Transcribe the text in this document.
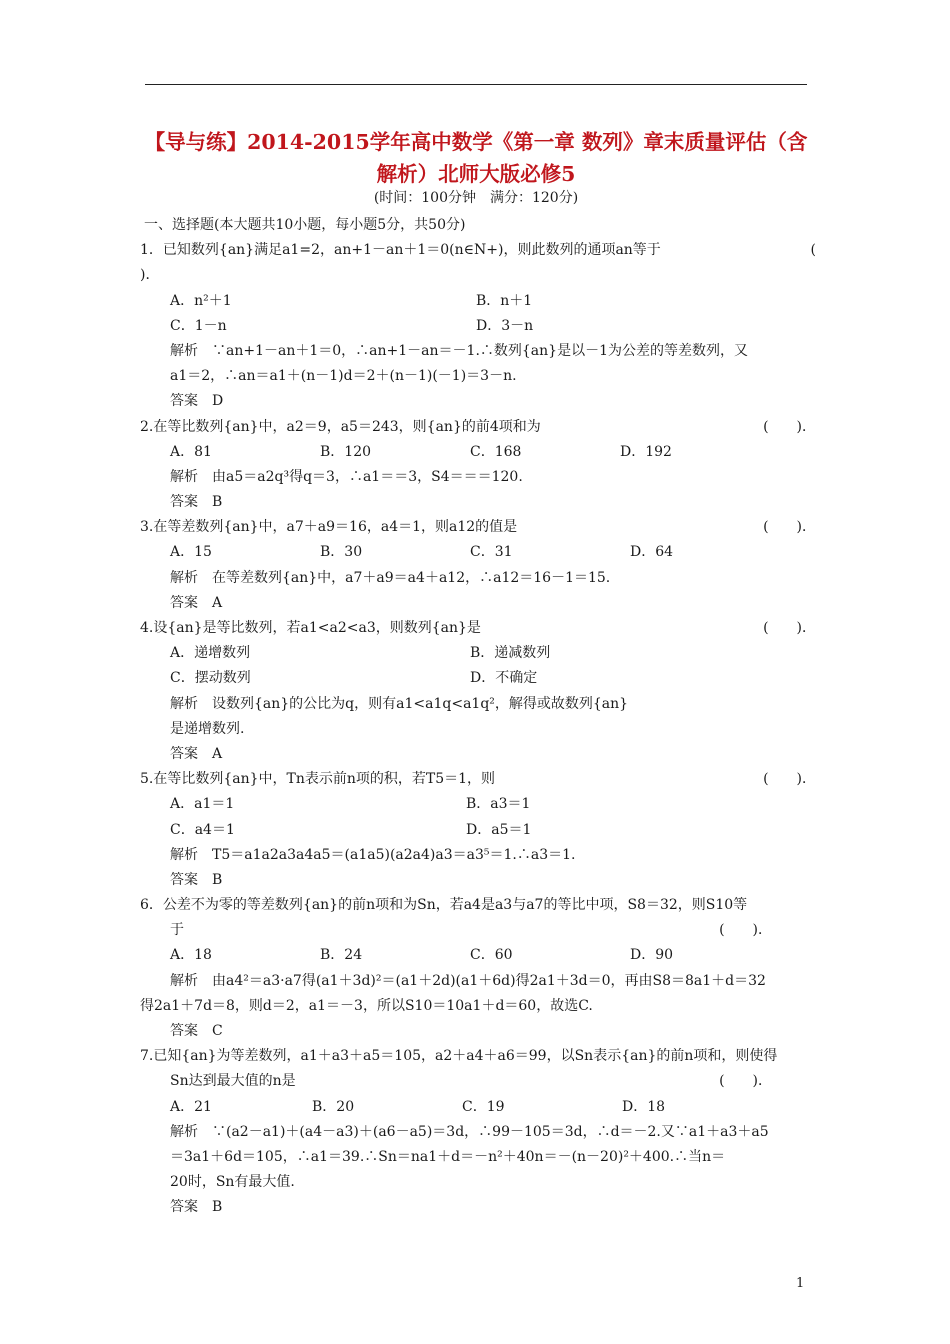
【导与练】2014-2015学年高中数学《第一章 数列》章末质量评估（含
解析）北师大版必修5
(时间：100分钟　满分：120分)
一、选择题(本大题共10小题，每小题5分，共50分)
1．已知数列{an}满足a1=2，an+1－an＋1＝0(n∈N+)，则此数列的通项an等于	(
)．
A．n²＋1	B．n＋1
C．1－n	D．3－n
解析　∵an+1－an＋1＝0，∴an+1－an＝－1.∴数列{an}是以－1为公差的等差数列，又
a1＝2，∴an＝a1＋(n－1)d＝2＋(n－1)(－1)＝3－n.
答案　D
2.在等比数列{an}中，a2＝9，a5＝243，则{an}的前4项和为	(　　)．
A．81	B．120	C．168	D．192
解析　由a5＝a2q³得q＝3，∴a1＝＝3，S4＝＝＝120.
答案　B
3.在等差数列{an}中，a7＋a9＝16，a4＝1，则a12的值是	(　　)．
A．15	B．30	C．31	D．64
解析　在等差数列{an}中，a7＋a9＝a4＋a12，∴a12＝16－1＝15.
答案　A
4.设{an}是等比数列，若a1<a2<a3，则数列{an}是	(　　)．
A．递增数列	B．递减数列
C．摆动数列	D．不确定
解析　设数列{an}的公比为q，则有a1<a1q<a1q²，解得或故数列{an}
是递增数列.
答案　A
5.在等比数列{an}中，Tn表示前n项的积，若T5＝1，则	(　　)．
A．a1＝1	B．a3＝1
C．a4＝1	D．a5＝1
解析　T5＝a1a2a3a4a5＝(a1a5)(a2a4)a3＝a3⁵＝1.∴a3＝1.
答案　B
6．公差不为零的等差数列{an}的前n项和为Sn，若a4是a3与a7的等比中项，S8＝32，则S10等
于	(　　)．
A．18	B．24	C．60	D．90
解析　由a4²＝a3·a7得(a1＋3d)²＝(a1＋2d)(a1＋6d)得2a1＋3d＝0，再由S8＝8a1＋d＝32
得2a1＋7d＝8，则d＝2，a1＝－3，所以S10＝10a1＋d＝60，故选C.
答案　C
7.已知{an}为等差数列，a1＋a3＋a5＝105，a2＋a4＋a6＝99，以Sn表示{an}的前n项和，则使得
Sn达到最大值的n是	(　　)．
A．21	B．20	C．19	D．18
解析　∵(a2－a1)＋(a4－a3)＋(a6－a5)＝3d，∴99－105＝3d，∴d＝－2.又∵a1＋a3＋a5
＝3a1＋6d＝105，∴a1＝39.∴Sn＝na1＋d＝－n²＋40n＝－(n－20)²＋400.∴当n＝
20时，Sn有最大值.
答案　B
1
